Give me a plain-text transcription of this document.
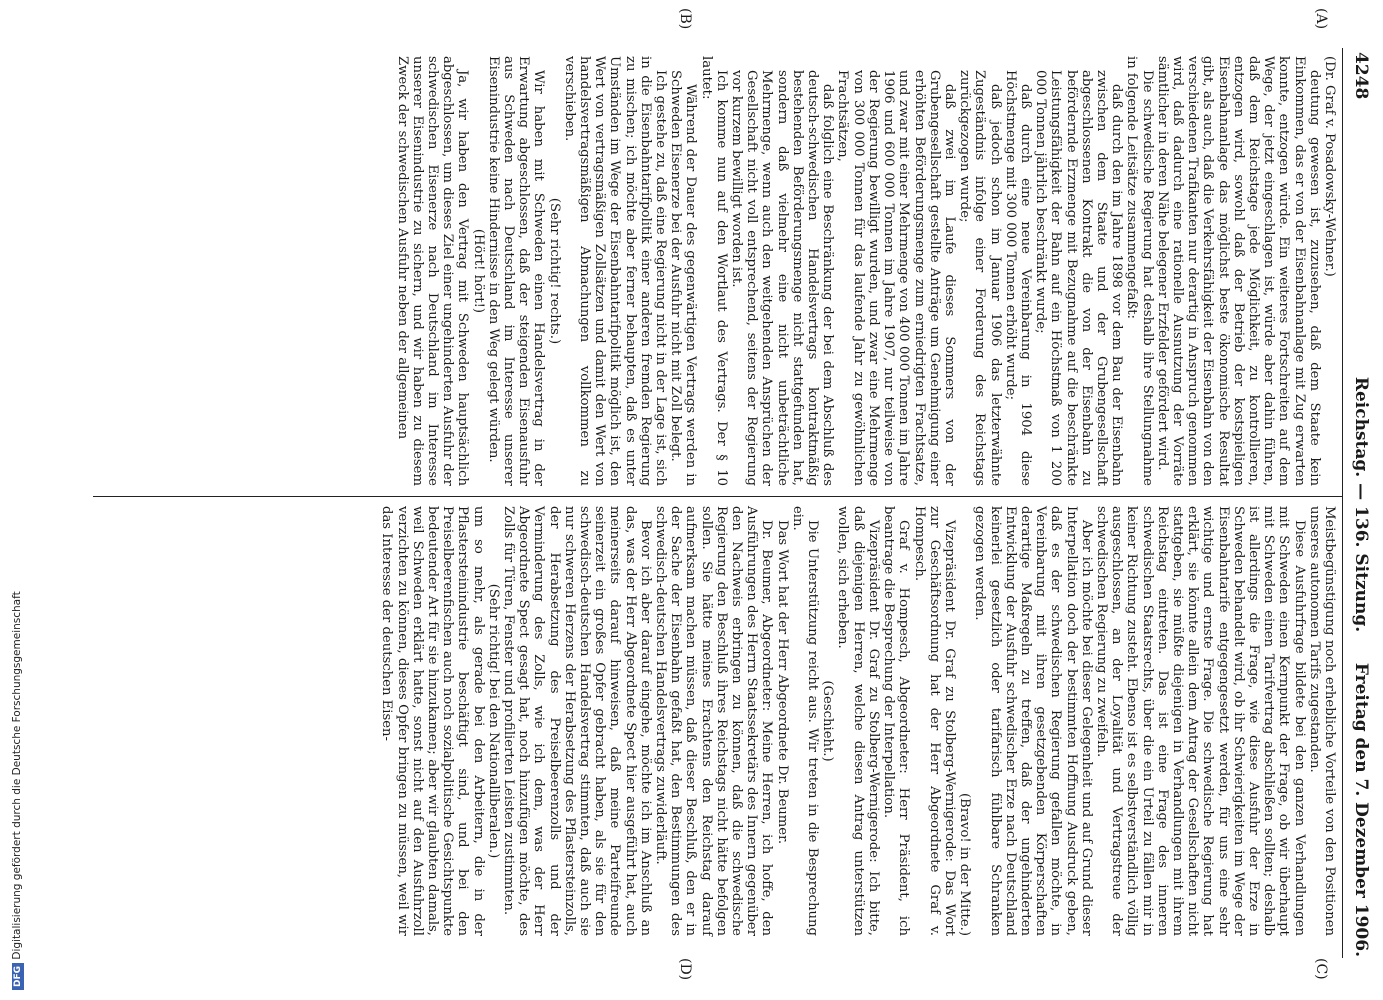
4248
Reichstag. — 136. Sitzung.
Freitag den 7. Dezember 1906.
(A)
(B)
(C)
(D)

(Dr. Graf v. Posadowsky-Wehner.)

deutung gewesen ist, zuzusehen, daß dem Staate kein Einkommen, das er von der Eisenbahnanlage mit Zug erwarten konnte, entzogen würde. Ein weiteres Fortschreiten auf dem Wege, der jetzt eingeschlagen ist, würde aber dahin führen, daß dem Reichstage jede Möglichkeit, zu kontrollieren, entzogen wird, sowohl daß der Betrieb der kostspieligen Eisenbahnanlage das möglichst beste ökonomische Resultat gibt, als auch, daß die Verkehrsfähigkeit der Eisenbahn von den verschiedenen Trafikanten nur derartig in Anspruch genommen wird, daß dadurch eine rationelle Ausnutzung der Vorräte sämtlicher in deren Nähe belegener Erzfelder gefördert wird.

Die schwedische Regierung hat deshalb ihre Stellungnahme in folgende Leitsätze zusammengefaßt:

daß durch den im Jahre 1898 vor dem Bau der Eisenbahn zwischen dem Staate und der Grubengesellschaft abgeschlossenen Kontrakt die von der Eisenbahn zu befördernde Erzmenge mit Bezugnahme auf die beschränkte Leistungsfähigkeit der Bahn auf ein Höchstmaß von 1 200 000 Tonnen jährlich beschränkt wurde;

daß durch eine neue Vereinbarung in 1904 diese Höchstmenge mit 300 000 Tonnen erhöht wurde;

daß jedoch schon im Januar 1906 das letzterwähnte Zugeständnis infolge einer Forderung des Reichstags zurückgezogen wurde;

daß zwei im Laufe dieses Sommers von der Grubengesellschaft gestellte Anträge um Genehmigung einer erhöhten Beförderungsmenge zum erniedrigten Frachtsatze, und zwar mit einer Mehrmenge von 400 000 Tonnen im Jahre 1906 und 600 000 Tonnen im Jahre 1907, nur teilweise von der Regierung bewilligt wurden, und zwar eine Mehrmenge von 300 000 Tonnen für das laufende Jahr zu gewöhnlichen Frachtsätzen,

daß folglich eine Beschränkung der bei dem Abschluß des deutsch-schwedischen Handelsvertrags kontraktmäßig bestehenden Beförderungsmenge nicht stattgefunden hat, sondern daß vielmehr eine nicht unbeträchtliche Mehrmenge, wenn auch den weitgehenden Ansprüchen der Gesellschaft nicht voll entsprechend, seitens der Regierung vor kurzem bewilligt worden ist.

Ich komme nun auf den Wortlaut des Vertrags. Der § 10 lautet:

Während der Dauer des gegenwärtigen Vertrags werden in Schweden Eisenerze bei der Ausfuhr nicht mit Zoll belegt.

Ich gestehe zu, daß eine Regierung nicht in der Lage ist, sich in die Eisenbahntarifpolitik einer anderen fremden Regierung zu mischen; ich möchte aber ferner behaupten, daß es unter Umständen im Wege der Eisenbahntarifpolitik möglich ist, den Wert von vertragsmäßigen Zollsätzen und damit den Wert von handelsvertragsmäßigen Abmachungen vollkommen zu verschieben.

(Sehr richtig! rechts.)

Wir haben mit Schweden einen Handelsvertrag in der Erwartung abgeschlossen, daß der steigenden Eisenausfuhr aus Schweden nach Deutschland im Interesse unserer Eisenindustrie keine Hindernisse in den Weg gelegt würden.

(Hört! hört!)

Ja, wir haben den Vertrag mit Schweden hauptsächlich abgeschlossen, um dieses Ziel einer ungehinderten Ausfuhr der schwedischen Eisenerze nach Deutschland im Interesse unserer Eisenindustrie zu sichern, und wir haben zu diesem Zweck der schwedischen Ausfuhr neben der allgemeinen

Meistbegünstigung noch erhebliche Vorteile von den Positionen unseres autonomen Tarifs zugestanden.

Diese Ausfuhrfrage bildete bei den ganzen Verhandlungen mit Schweden einen Kernpunkt der Frage, ob wir überhaupt mit Schweden einen Tarifvertrag abschließen sollten; deshalb ist allerdings die Frage, wie diese Ausfuhr der Erze in Schweden behandelt wird, ob ihr Schwierigkeiten im Wege der Eisenbahntarife entgegengesetzt werden, für uns eine sehr wichtige und ernste Frage. Die schwedische Regierung hat erklärt, sie könnte allein dem Antrag der Gesellschaften nicht stattgeben, sie müßte diejenigen in Verhandlungen mit ihrem Reichstag eintreten. Das ist eine Frage des inneren schwedischen Staatsrechts, über die ein Urteil zu fällen mir in keiner Richtung zusteht. Ebenso ist es selbstverständlich völlig ausgeschlossen, an der Loyalität und Vertragstreue der schwedischen Regierung zu zweifeln.

Aber ich möchte bei dieser Gelegenheit und auf Grund dieser Interpellation doch der bestimmten Hoffnung Ausdruck geben, daß es der schwedischen Regierung gefallen möchte, in Vereinbarung mit ihren gesetzgebenden Körperschaften derartige Maßregeln zu treffen, daß der ungehinderten Entwicklung der Ausfuhr schwedischer Erze nach Deutschland keinerlei gesetzlich oder tarifarisch fühlbare Schranken gezogen werden.

(Bravo! in der Mitte.)

Vizepräsident Dr. Graf zu Stolberg-Wernigerode: Das Wort zur Geschäftsordnung hat der Herr Abgeordnete Graf v. Hompesch.

Graf v. Hompesch, Abgeordneter: Herr Präsident, ich beantrage die Besprechung der Interpellation.

Vizepräsident Dr. Graf zu Stolberg-Wernigerode: Ich bitte, daß diejenigen Herren, welche diesen Antrag unterstützen wollen, sich erheben.

(Geschieht.)

Die Unterstützung reicht aus. Wir treten in die Besprechung ein.

Das Wort hat der Herr Abgeordnete Dr. Beumer.

Dr. Beumer, Abgeordneter: Meine Herren, ich hoffe, den Ausführungen des Herrn Staatssekretärs des Innern gegenüber den Nachweis erbringen zu können, daß die schwedische Regierung den Beschluß ihres Reichstags nicht hätte befolgen sollen. Sie hätte meines Erachtens den Reichstag darauf aufmerksam machen müssen, daß dieser Beschluß, den er in der Sache der Eisenbahn gefaßt hat, den Bestimmungen des schwedisch-deutschen Handelsvertrags zuwiderläuft.

Bevor ich aber darauf eingehe, möchte ich im Anschluß an das, was der Herr Abgeordnete Spect hier ausgeführt hat, auch meinerseits darauf hinweisen, daß meine Parteifreunde seinerzeit ein großes Opfer gebracht haben, als sie für den schwedisch-deutschen Handelsvertrag stimmten, daß auch sie nur schweren Herzens der Herabsetzung des Pflastersteinzolls, der Herabsetzung des Preiselbeerenzolls und der Verminderung des Zolls, wie ich dem, was der Herr Abgeordnete Spect gesagt hat, noch hinzufügen möchte, des Zolls für Türen, Fenster und profilierten Leisten zustimmten.

(Sehr richtig! bei den Nationalliberalen.)

um so mehr, als gerade bei den Arbeitern, die in der Pflastersteinindustrie beschäftigt sind, und bei den Preiselbeerenfischen auch noch sozialpolitische Gesichtspunkte bedeutender Art für sie hinzukamen; aber wir glaubten damals, weil Schweden erklärt hatte, sonst nicht auf den Ausfuhrzoll verzichten zu können, dieses Opfer bringen zu müssen, weil wir das Interesse der deutschen Eisen-

DFG Digitalisierung gefördert durch die Deutsche Forschungsgemeinschaft
